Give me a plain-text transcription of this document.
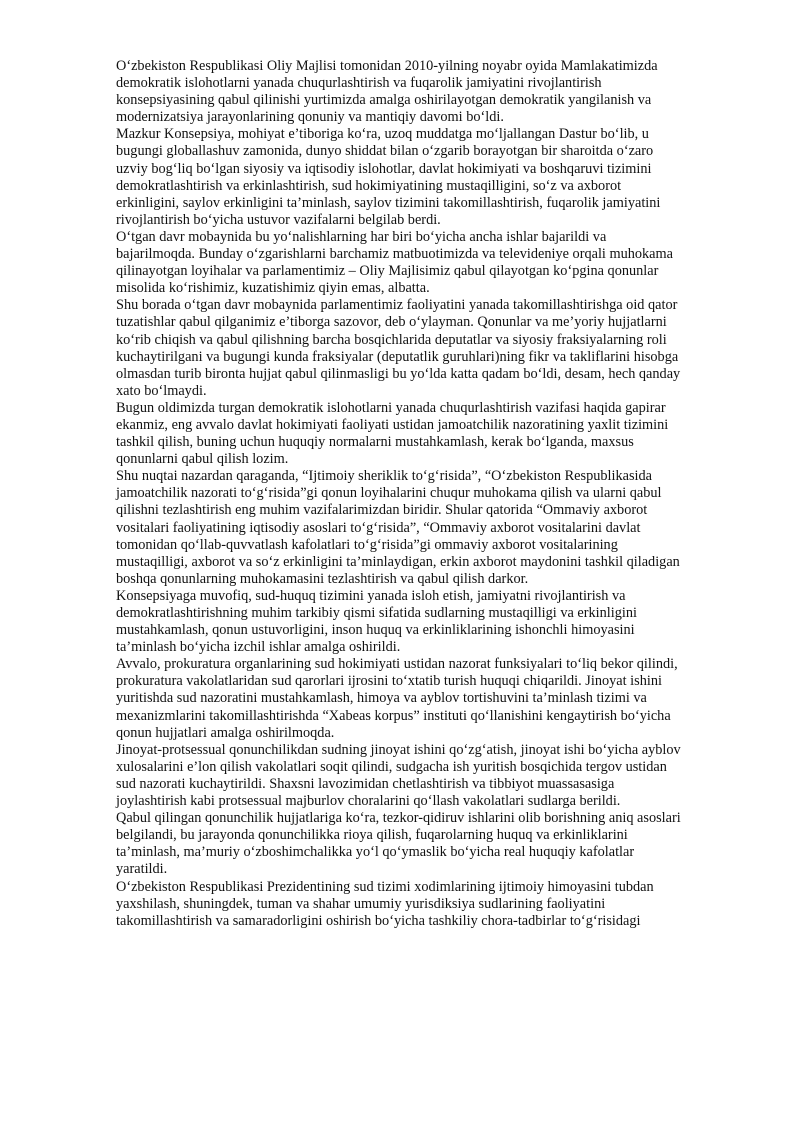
O‘zbekiston Respublikasi Oliy Majlisi tomonidan 2010-yilning noyabr oyida Mamlakatimizda
demokratik islohotlarni yanada chuqurlashtirish va fuqarolik jamiyatini rivojlantirish
konsepsiyasining qabul qilinishi yurtimizda amalga oshirilayotgan demokratik yangilanish va
modernizatsiya jarayonlarining qonuniy va mantiqiy davomi bo‘ldi.
Mazkur Konsepsiya, mohiyat e’tiboriga ko‘ra, uzoq muddatga mo‘ljallangan Dastur bo‘lib, u
bugungi globallashuv zamonida, dunyo shiddat bilan o‘zgarib borayotgan bir sharoitda o‘zaro
uzviy bog‘liq bo‘lgan siyosiy va iqtisodiy islohotlar, davlat hokimiyati va boshqaruvi tizimini
demokratlashtirish va erkinlashtirish, sud hokimiyatining mustaqilligini, so‘z va axborot
erkinligini, saylov erkinligini ta’minlash, saylov tizimini takomillashtirish, fuqarolik jamiyatini
rivojlantirish bo‘yicha ustuvor vazifalarni belgilab berdi.
O‘tgan davr mobaynida bu yo‘nalishlarning har biri bo‘yicha ancha ishlar bajarildi va
bajarilmoqda. Bunday o‘zgarishlarni barchamiz matbuotimizda va televideniye orqali muhokama
qilinayotgan loyihalar va parlamentimiz – Oliy Majlisimiz qabul qilayotgan ko‘pgina qonunlar
misolida ko‘rishimiz, kuzatishimiz qiyin emas, albatta.
Shu borada o‘tgan davr mobaynida parlamentimiz faoliyatini yanada takomillashtirishga oid qator
tuzatishlar qabul qilganimiz e’tiborga sazovor, deb o‘ylayman. Qonunlar va me’yoriy hujjatlarni
ko‘rib chiqish va qabul qilishning barcha bosqichlarida deputatlar va siyosiy fraksiyalarning roli
kuchaytirilgani va bugungi kunda fraksiyalar (deputatlik guruhlari)ning fikr va takliflarini hisobga
olmasdan turib bironta hujjat qabul qilinmasligi bu yo‘lda katta qadam bo‘ldi, desam, hech qanday
xato bo‘lmaydi.
Bugun oldimizda turgan demokratik islohotlarni yanada chuqurlashtirish vazifasi haqida gapirar
ekanmiz, eng avvalo davlat hokimiyati faoliyati ustidan jamoatchilik nazoratining yaxlit tizimini
tashkil qilish, buning uchun huquqiy normalarni mustahkamlash, kerak bo‘lganda, maxsus
qonunlarni qabul qilish lozim.
Shu nuqtai nazardan qaraganda, “Ijtimoiy sheriklik to‘g‘risida”, “O‘zbekiston Respublikasida
jamoatchilik nazorati to‘g‘risida”gi qonun loyihalarini chuqur muhokama qilish va ularni qabul
qilishni tezlashtirish eng muhim vazifalarimizdan biridir. Shular qatorida “Ommaviy axborot
vositalari faoliyatining iqtisodiy asoslari to‘g‘risida”, “Ommaviy axborot vositalarini davlat
tomonidan qo‘llab-quvvatlash kafolatlari to‘g‘risida”gi ommaviy axborot vositalarining
mustaqilligi, axborot va so‘z erkinligini ta’minlaydigan, erkin axborot maydonini tashkil qiladigan
boshqa qonunlarning muhokamasini tezlashtirish va qabul qilish darkor.
Konsepsiyaga muvofiq, sud-huquq tizimini yanada isloh etish, jamiyatni rivojlantirish va
demokratlashtirishning muhim tarkibiy qismi sifatida sudlarning mustaqilligi va erkinligini
mustahkamlash, qonun ustuvorligini, inson huquq va erkinliklarining ishonchli himoyasini
ta’minlash bo‘yicha izchil ishlar amalga oshirildi.
Avvalo, prokuratura organlarining sud hokimiyati ustidan nazorat funksiyalari to‘liq bekor qilindi,
prokuratura vakolatlaridan sud qarorlari ijrosini to‘xtatib turish huquqi chiqarildi. Jinoyat ishini
yuritishda sud nazoratini mustahkamlash, himoya va ayblov tortishuvini ta’minlash tizimi va
mexanizmlarini takomillashtirishda “Xabeas korpus” instituti qo‘llanishini kengaytirish bo‘yicha
qonun hujjatlari amalga oshirilmoqda.
Jinoyat-protsessual qonunchilikdan sudning jinoyat ishini qo‘zg‘atish, jinoyat ishi bo‘yicha ayblov
xulosalarini e’lon qilish vakolatlari soqit qilindi, sudgacha ish yuritish bosqichida tergov ustidan
sud nazorati kuchaytirildi. Shaxsni lavozimidan chetlashtirish va tibbiyot muassasasiga
joylashtirish kabi protsessual majburlov choralarini qo‘llash vakolatlari sudlarga berildi.
Qabul qilingan qonunchilik hujjatlariga ko‘ra, tezkor-qidiruv ishlarini olib borishning aniq asoslari
belgilandi, bu jarayonda qonunchilikka rioya qilish, fuqarolarning huquq va erkinliklarini
ta’minlash, ma’muriy o‘zboshimchalikka yo‘l qo‘ymaslik bo‘yicha real huquqiy kafolatlar
yaratildi.
O‘zbekiston Respublikasi Prezidentining sud tizimi xodimlarining ijtimoiy himoyasini tubdan
yaxshilash, shuningdek, tuman va shahar umumiy yurisdiksiya sudlarining faoliyatini
takomillashtirish va samaradorligini oshirish bo‘yicha tashkiliy chora-tadbirlar to‘g‘risidagi
